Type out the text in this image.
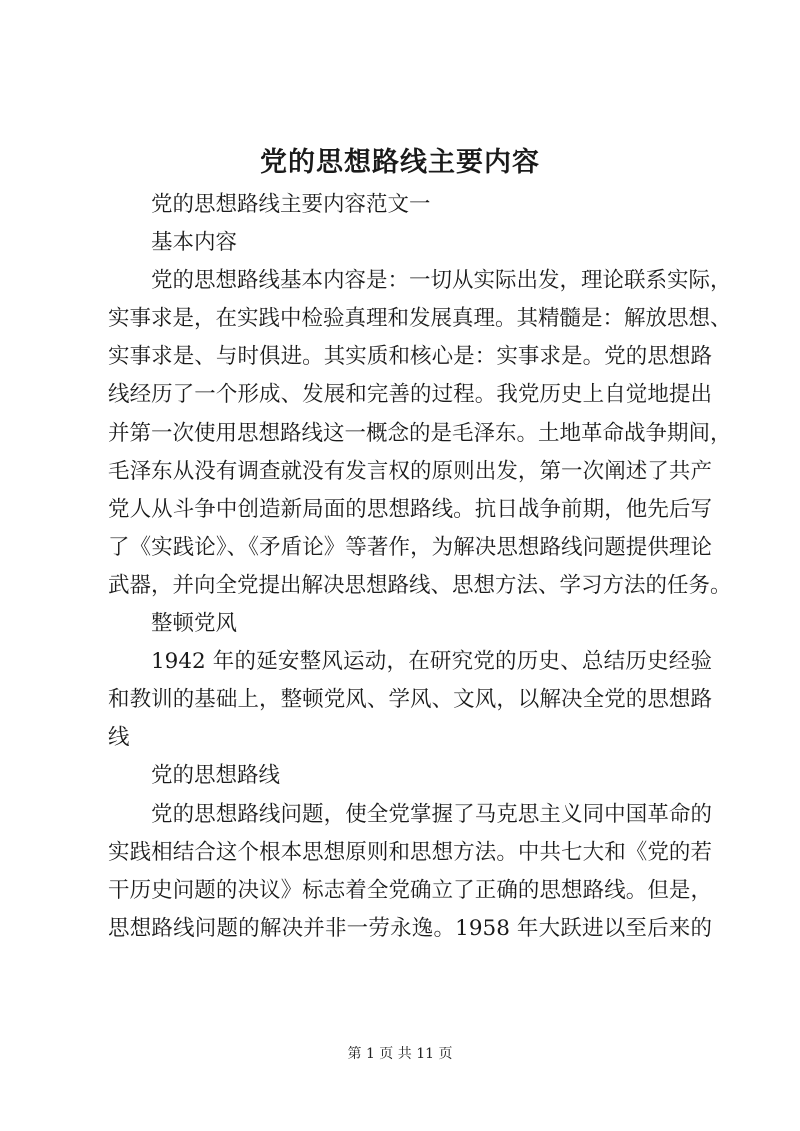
党的思想路线主要内容
党的思想路线主要内容范文一
基本内容
党的思想路线基本内容是：一切从实际出发，理论联系实际，
实事求是，在实践中检验真理和发展真理。其精髓是：解放思想、
实事求是、与时俱进。其实质和核心是：实事求是。党的思想路
线经历了一个形成、发展和完善的过程。我党历史上自觉地提出
并第一次使用思想路线这一概念的是毛泽东。土地革命战争期间，
毛泽东从没有调查就没有发言权的原则出发，第一次阐述了共产
党人从斗争中创造新局面的思想路线。抗日战争前期，他先后写
了《实践论》、《矛盾论》等著作，为解决思想路线问题提供理论
武器，并向全党提出解决思想路线、思想方法、学习方法的任务。
整顿党风
1942 年的延安整风运动，在研究党的历史、总结历史经验
和教训的基础上，整顿党风、学风、文风，以解决全党的思想路
线
党的思想路线
党的思想路线问题，使全党掌握了马克思主义同中国革命的
实践相结合这个根本思想原则和思想方法。中共七大和《党的若
干历史问题的决议》标志着全党确立了正确的思想路线。但是，
思想路线问题的解决并非一劳永逸。1958 年大跃进以至后来的
第 1 页 共 11 页
